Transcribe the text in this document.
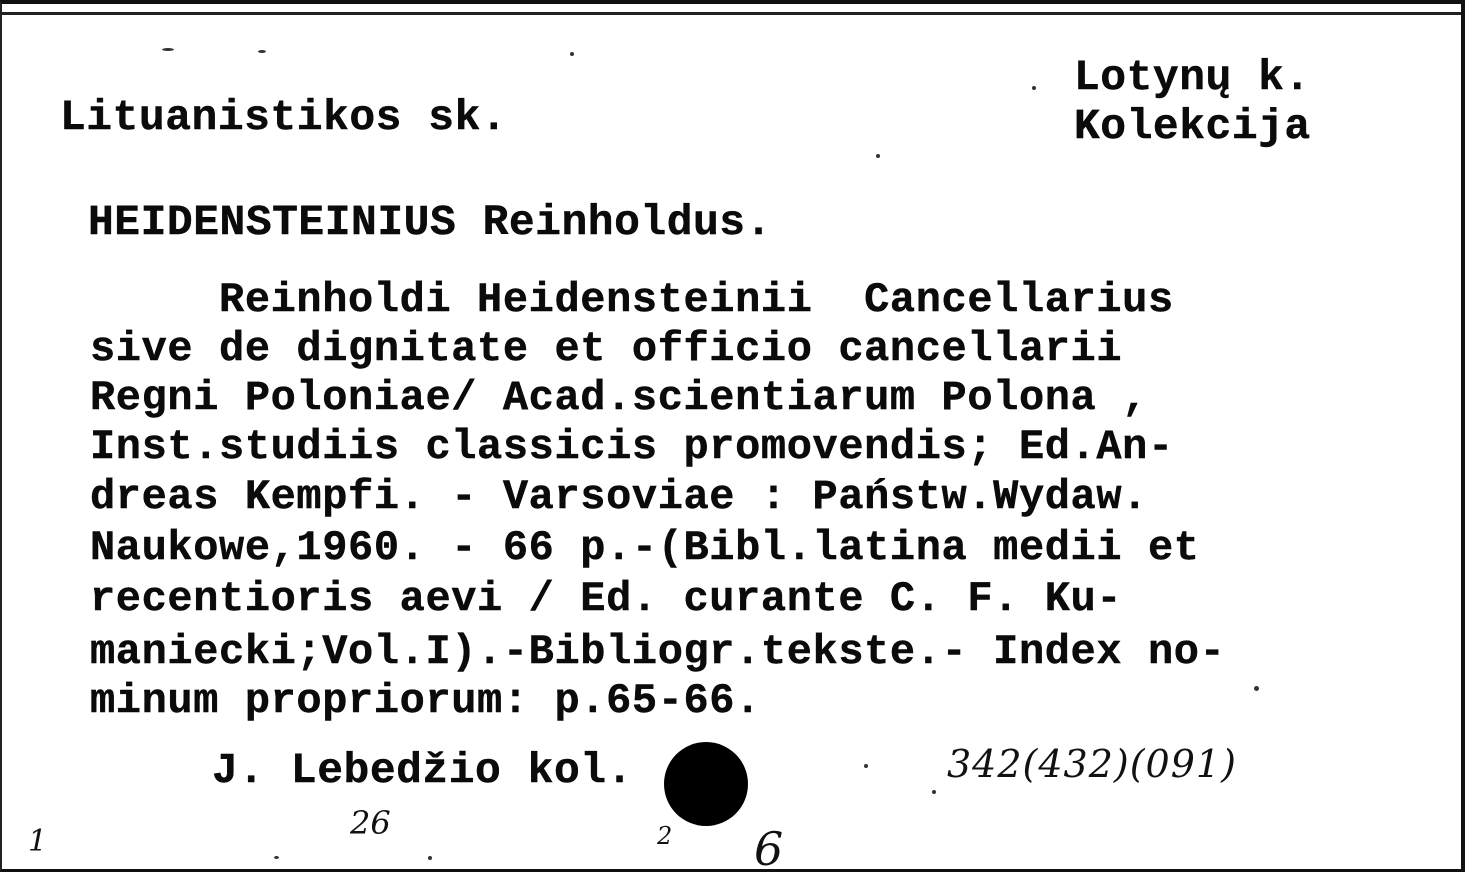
Lituanistikos sk.
Lotynų k.
Kolekcija
HEIDENSTEINIUS Reinholdus.
Reinholdi Heidensteinii  Cancellarius
sive de dignitate et officio cancellarii
Regni Poloniae/ Acad.scientiarum Polona ,
Inst.studiis classicis promovendis; Ed.An-
dreas Kempfi. - Varsoviae : Państw.Wydaw.
Naukowe,1960. - 66 p.-(Bibl.latina medii et
recentioris aevi / Ed. curante C. F. Ku-
maniecki;Vol.I).-Bibliogr.tekste.- Index no-
minum propriorum: p.65-66.
J. Lebedžio kol.	342(432)(091)
1	26	2 6
